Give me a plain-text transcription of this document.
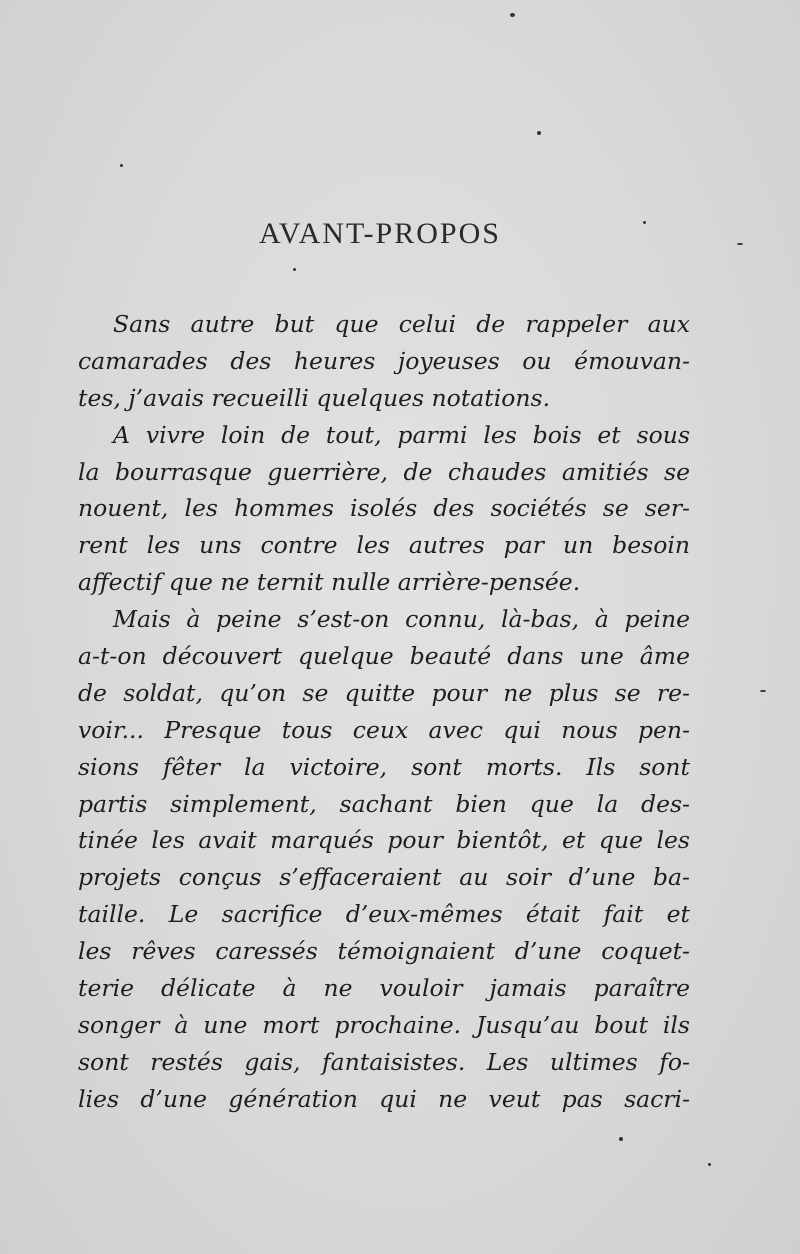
AVANT-PROPOS
Sans autre but que celui de rappeler aux
camarades des heures joyeuses ou émouvan-
tes, j’avais recueilli quelques notations.
A vivre loin de tout, parmi les bois et sous
la bourrasque guerrière, de chaudes amitiés se
nouent, les hommes isolés des sociétés se ser-
rent les uns contre les autres par un besoin
affectif que ne ternit nulle arrière-pensée.
Mais à peine s’est-on connu, là-bas, à peine
a-t-on découvert quelque beauté dans une âme
de soldat, qu’on se quitte pour ne plus se re-
voir... Presque tous ceux avec qui nous pen-
sions fêter la victoire, sont morts. Ils sont
partis simplement, sachant bien que la des-
tinée les avait marqués pour bientôt, et que les
projets conçus s’effaceraient au soir d’une ba-
taille. Le sacrifice d’eux-mêmes était fait et
les rêves caressés témoignaient d’une coquet-
terie délicate à ne vouloir jamais paraître
songer à une mort prochaine. Jusqu’au bout ils
sont restés gais, fantaisistes. Les ultimes fo-
lies d’une génération qui ne veut pas sacri-
